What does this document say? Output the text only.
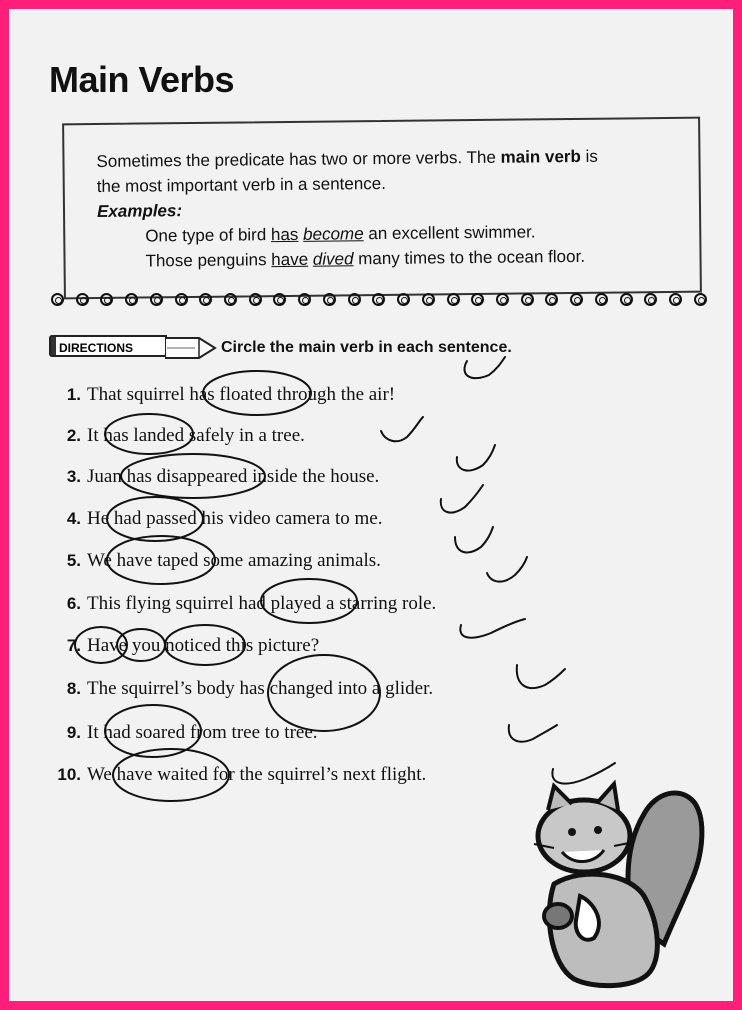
Main Verbs
Sometimes the predicate has two or more verbs. The main verb is
the most important verb in a sentence.
Examples:
One type of bird has become an excellent swimmer.
Those penguins have dived many times to the ocean floor.
DIRECTIONS	Circle the main verb in each sentence.
1. That squirrel has floated through the air!
2. It has landed safely in a tree.
3. Juan has disappeared inside the house.
4. He had passed his video camera to me.
5. We have taped some amazing animals.
6. This flying squirrel had played a starring role.
7. Have you noticed this picture?
8. The squirrel’s body has changed into a glider.
9. It had soared from tree to tree.
10. We have waited for the squirrel’s next flight.
